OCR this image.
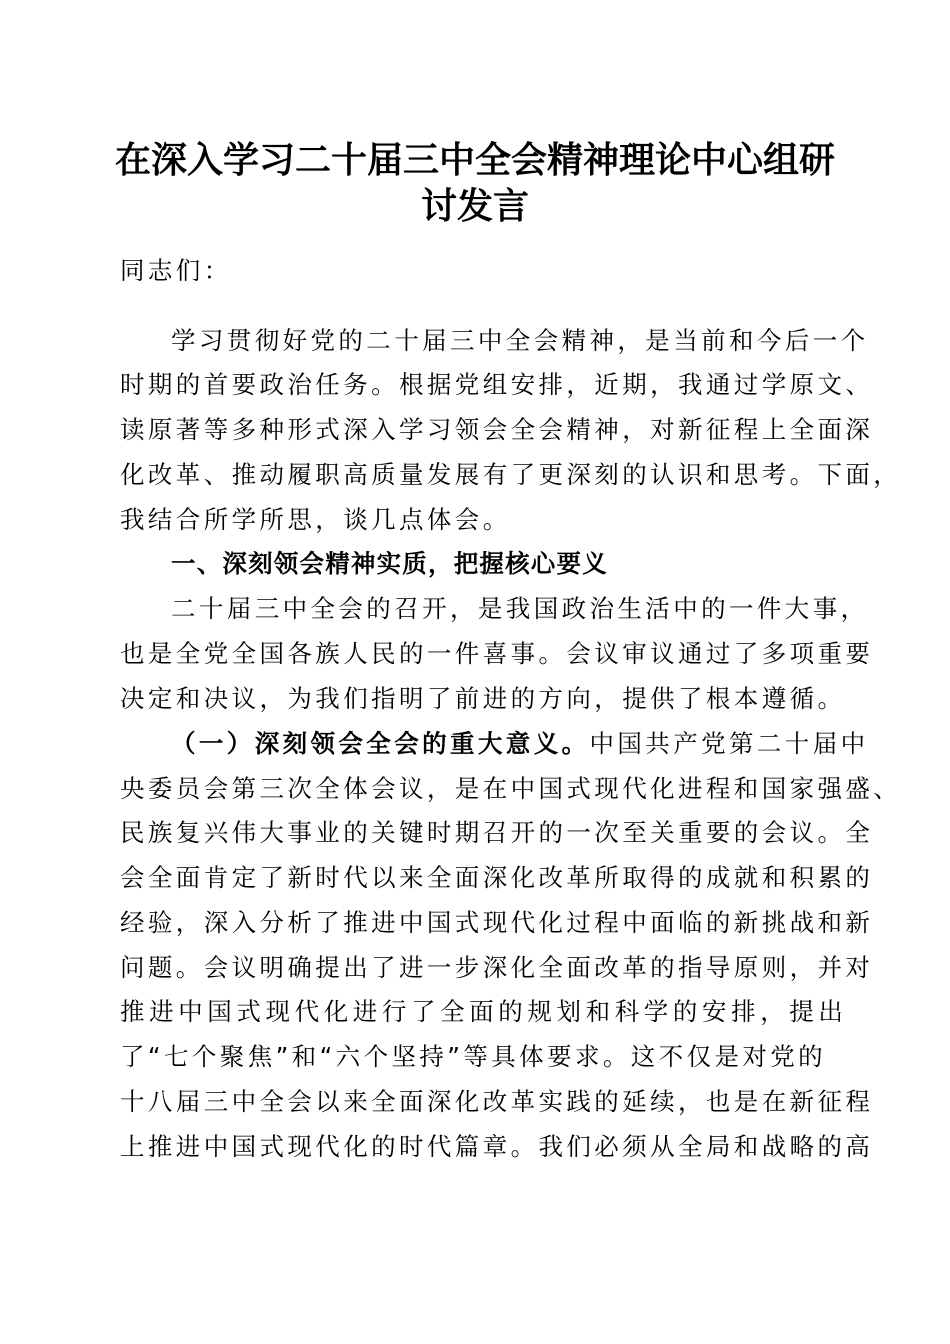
在深入学习二十届三中全会精神理论中心组研
讨发言

同志们：

学习贯彻好党的二十届三中全会精神，是当前和今后一个

时期的首要政治任务。根据党组安排，近期，我通过学原文、

读原著等多种形式深入学习领会全会精神，对新征程上全面深

化改革、推动履职高质量发展有了更深刻的认识和思考。下面，

我结合所学所思，谈几点体会。

一、深刻领会精神实质，把握核心要义

二十届三中全会的召开，是我国政治生活中的一件大事，

也是全党全国各族人民的一件喜事。会议审议通过了多项重要

决定和决议，为我们指明了前进的方向，提供了根本遵循。

（一）深刻领会全会的重大意义。中国共产党第二十届中

央委员会第三次全体会议，是在中国式现代化进程和国家强盛、

民族复兴伟大事业的关键时期召开的一次至关重要的会议。全

会全面肯定了新时代以来全面深化改革所取得的成就和积累的

经验，深入分析了推进中国式现代化过程中面临的新挑战和新

问题。会议明确提出了进一步深化全面改革的指导原则，并对

推进中国式现代化进行了全面的规划和科学的安排，提出

了“七个聚焦”和“六个坚持”等具体要求。这不仅是对党的

十八届三中全会以来全面深化改革实践的延续，也是在新征程

上推进中国式现代化的时代篇章。我们必须从全局和战略的高
